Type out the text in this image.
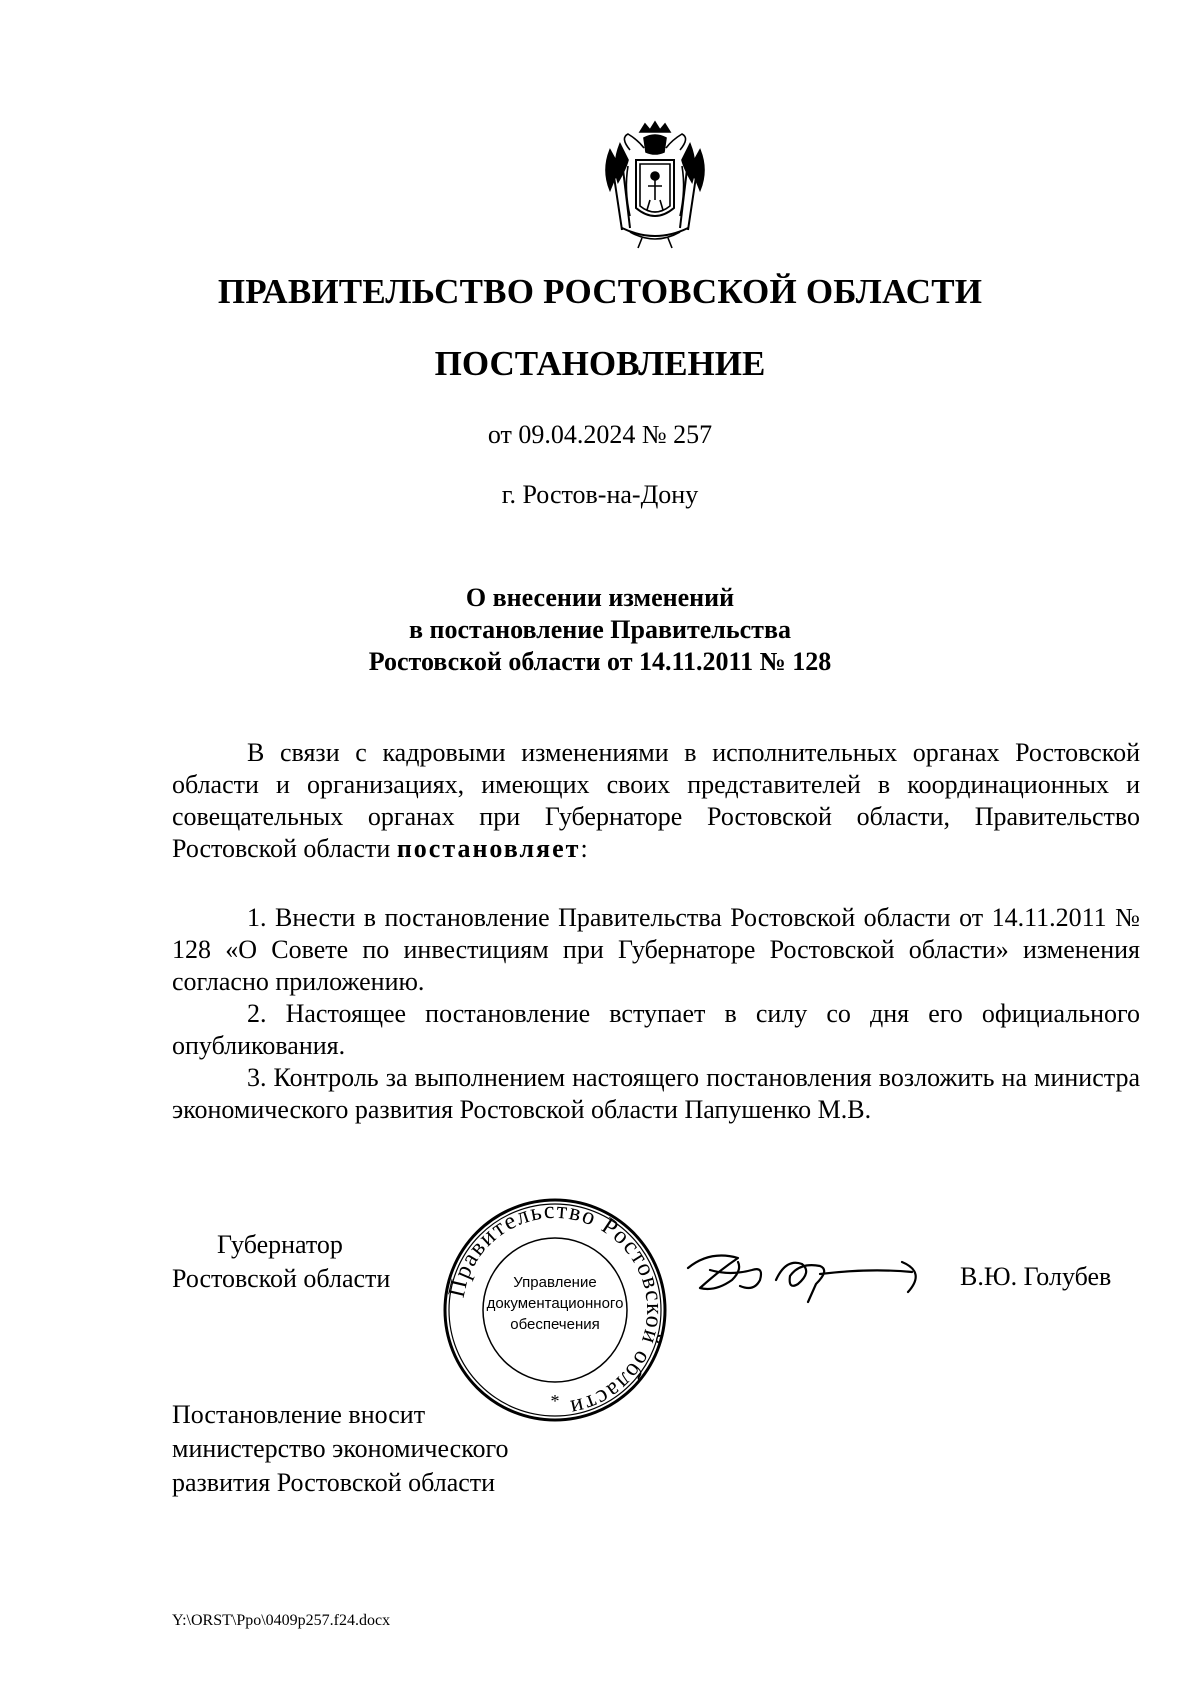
ПРАВИТЕЛЬСТВО РОСТОВСКОЙ ОБЛАСТИ
ПОСТАНОВЛЕНИЕ
от 09.04.2024 № 257
г. Ростов-на-Дону
О внесении изменений
в постановление Правительства
Ростовской области от 14.11.2011 № 128

В связи с кадровыми изменениями в исполнительных органах Ростовской области и организациях, имеющих своих представителей в координационных и совещательных органах при Губернаторе Ростовской области, Правительство Ростовской области постановляет:

1. Внести в постановление Правительства Ростовской области от 14.11.2011 № 128 «О Совете по инвестициям при Губернаторе Ростовской области» изменения согласно приложению.

2. Настоящее постановление вступает в силу со дня его официального опубликования.

3. Контроль за выполнением настоящего постановления возложить на министра экономического развития Ростовской области Папушенко М.В.

Губернатор
Ростовской области Правительство Ростовской области
Управление
документационного
обеспечения
*
В.Ю. Голубев
Постановление вносит
министерство экономического
развития Ростовской области
Y:\ORST\Ppo\0409p257.f24.docx
